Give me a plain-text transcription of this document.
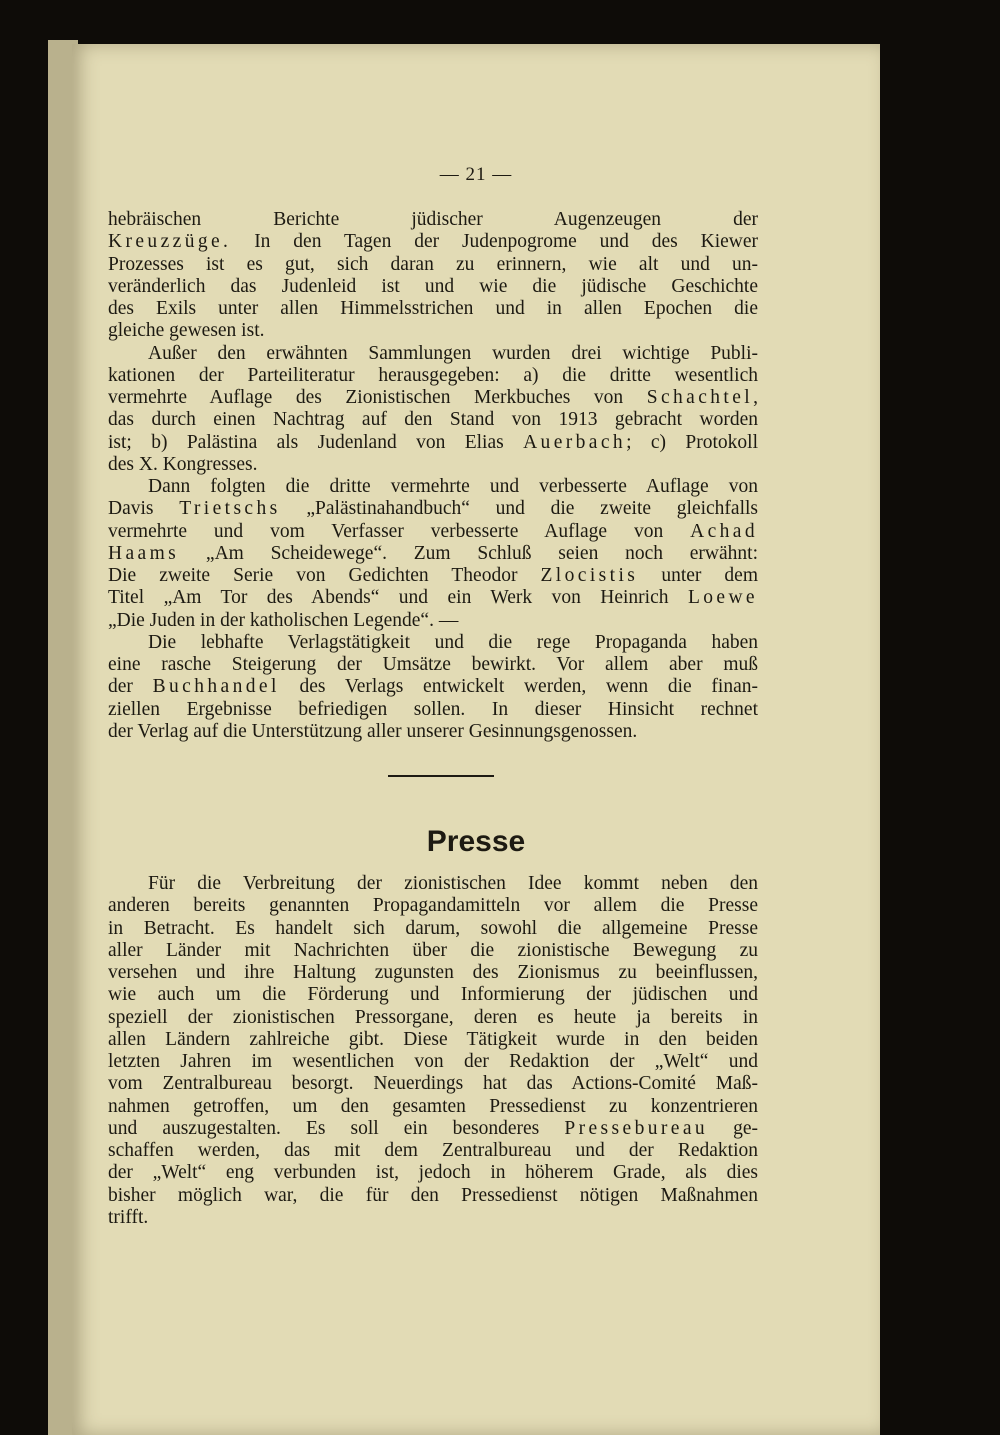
— 21 —
hebräischen Berichte jüdischer Augenzeugen der
Kreuzzüge. In den Tagen der Judenpogrome und des Kiewer
Prozesses ist es gut, sich daran zu erinnern, wie alt und un-
veränderlich das Judenleid ist und wie die jüdische Geschichte
des Exils unter allen Himmelsstrichen und in allen Epochen die
gleiche gewesen ist.
Außer den erwähnten Sammlungen wurden drei wichtige Publi-
kationen der Parteiliteratur herausgegeben: a) die dritte wesentlich
vermehrte Auflage des Zionistischen Merkbuches von Schachtel,
das durch einen Nachtrag auf den Stand von 1913 gebracht worden
ist; b) Palästina als Judenland von Elias Auerbach; c) Protokoll
des X. Kongresses.
Dann folgten die dritte vermehrte und verbesserte Auflage von
Davis Trietschs „Palästinahandbuch“ und die zweite gleichfalls
vermehrte und vom Verfasser verbesserte Auflage von Achad
Haams „Am Scheidewege“. Zum Schluß seien noch erwähnt:
Die zweite Serie von Gedichten Theodor Zlocistis unter dem
Titel „Am Tor des Abends“ und ein Werk von Heinrich Loewe
„Die Juden in der katholischen Legende“. —
Die lebhafte Verlagstätigkeit und die rege Propaganda haben
eine rasche Steigerung der Umsätze bewirkt. Vor allem aber muß
der Buchhandel des Verlags entwickelt werden, wenn die finan-
ziellen Ergebnisse befriedigen sollen. In dieser Hinsicht rechnet
der Verlag auf die Unterstützung aller unserer Gesinnungsgenossen.
Presse
Für die Verbreitung der zionistischen Idee kommt neben den
anderen bereits genannten Propagandamitteln vor allem die Presse
in Betracht. Es handelt sich darum, sowohl die allgemeine Presse
aller Länder mit Nachrichten über die zionistische Bewegung zu
versehen und ihre Haltung zugunsten des Zionismus zu beeinflussen,
wie auch um die Förderung und Informierung der jüdischen und
speziell der zionistischen Pressorgane, deren es heute ja bereits in
allen Ländern zahlreiche gibt. Diese Tätigkeit wurde in den beiden
letzten Jahren im wesentlichen von der Redaktion der „Welt“ und
vom Zentralbureau besorgt. Neuerdings hat das Actions-Comité Maß-
nahmen getroffen, um den gesamten Pressedienst zu konzentrieren
und auszugestalten. Es soll ein besonderes Pressebureau ge-
schaffen werden, das mit dem Zentralbureau und der Redaktion
der „Welt“ eng verbunden ist, jedoch in höherem Grade, als dies
bisher möglich war, die für den Pressedienst nötigen Maßnahmen
trifft.
